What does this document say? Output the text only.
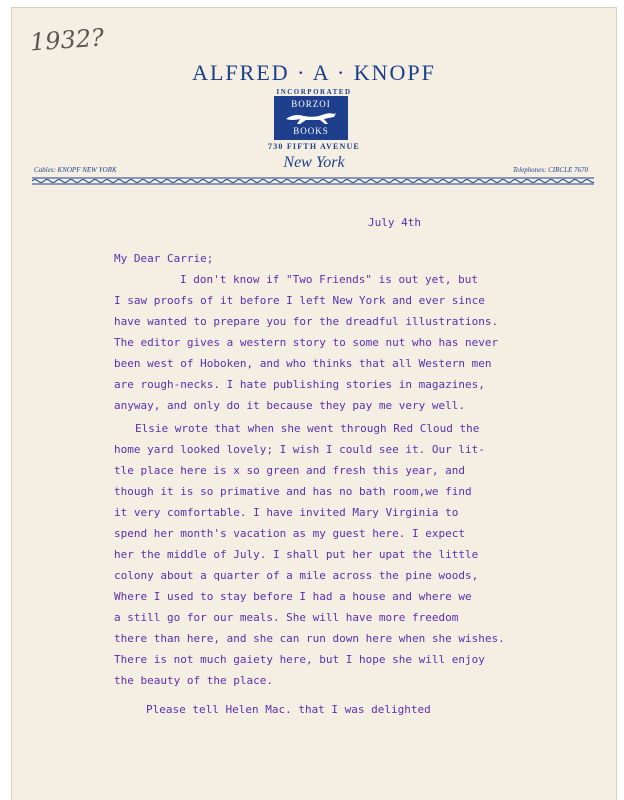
1932?
ALFRED · A · KNOPF
INCORPORATED
BORZOI
BOOKS
730 FIFTH AVENUE
New York
Cables: KNOPF NEW YORK	Telephones: CIRCLE 7670
July 4th
My Dear Carrie;
I don't know if "Two Friends" is out yet, but
I saw proofs of it before I left New York and ever since
have wanted to prepare you for the dreadful illustrations.
The editor gives a western story to some nut who has never
been west of Hoboken, and who thinks that all Western men
are rough-necks. I hate publishing stories in magazines,
anyway, and only do it because they pay me very well.
Elsie wrote that when she went through Red Cloud the
home yard looked lovely; I wish I could see it. Our lit-
tle place here is x so green and fresh this year, and
though it is so primative and has no bath room,we find
it very comfortable. I have invited Mary Virginia to
spend her month's vacation as my guest here. I expect
her the middle of July. I shall put her upat the little
colony about a quarter of a mile across the pine woods,
Where I used to stay before I had a house and where we
a still go for our meals. She will have more freedom
there than here, and she can run down here when she wishes.
There is not much gaiety here, but I hope she will enjoy
the beauty of the place.
Please tell Helen Mac. that I was delighted
